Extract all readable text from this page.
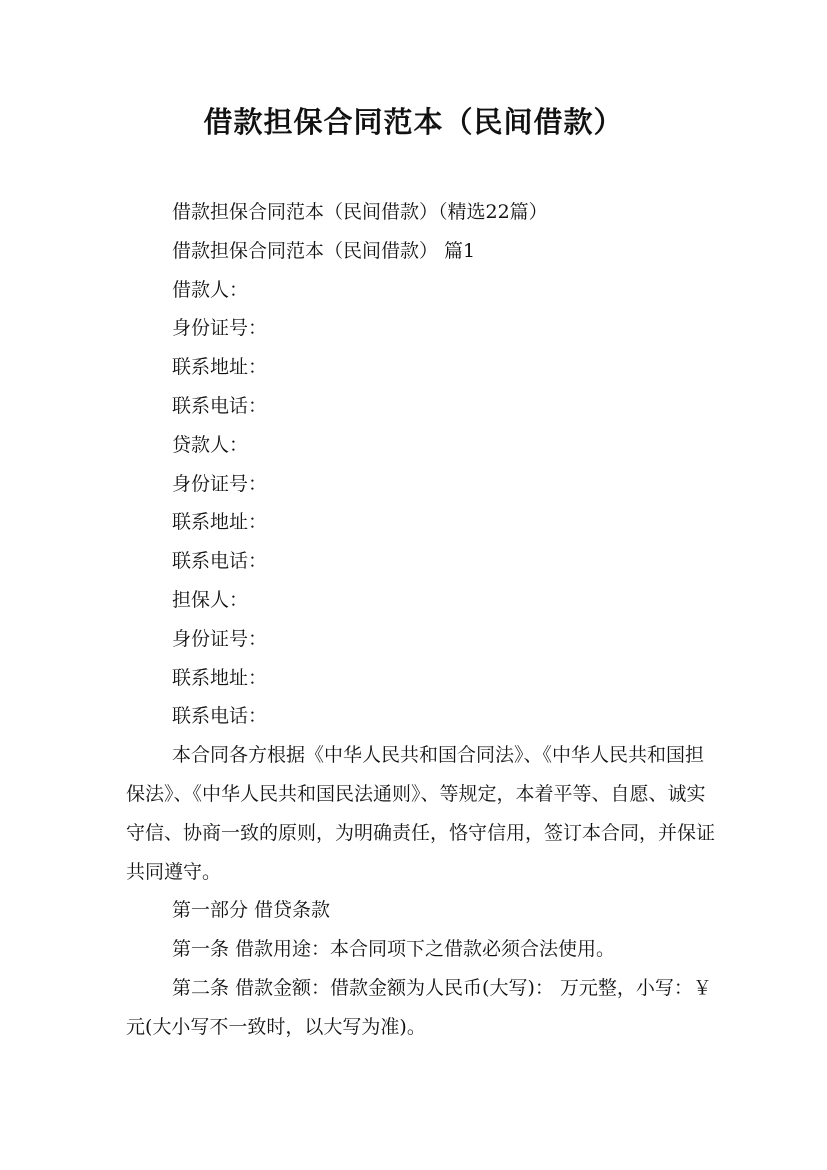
借款担保合同范本（民间借款）

借款担保合同范本（民间借款）（精选22篇）

借款担保合同范本（民间借款） 篇1

借款人：

身份证号：

联系地址：

联系电话：

贷款人：

身份证号：

联系地址：

联系电话：

担保人：

身份证号：

联系地址：

联系电话：

本合同各方根据《中华人民共和国合同法》、《中华人民共和国担保法》、《中华人民共和国民法通则》、等规定，本着平等、自愿、诚实守信、协商一致的原则，为明确责任，恪守信用，签订本合同，并保证共同遵守。

第一部分 借贷条款

第一条 借款用途：本合同项下之借款必须合法使用。

第二条 借款金额：借款金额为人民币(大写)： 万元整，小写：￥ 元(大小写不一致时，以大写为准)。
